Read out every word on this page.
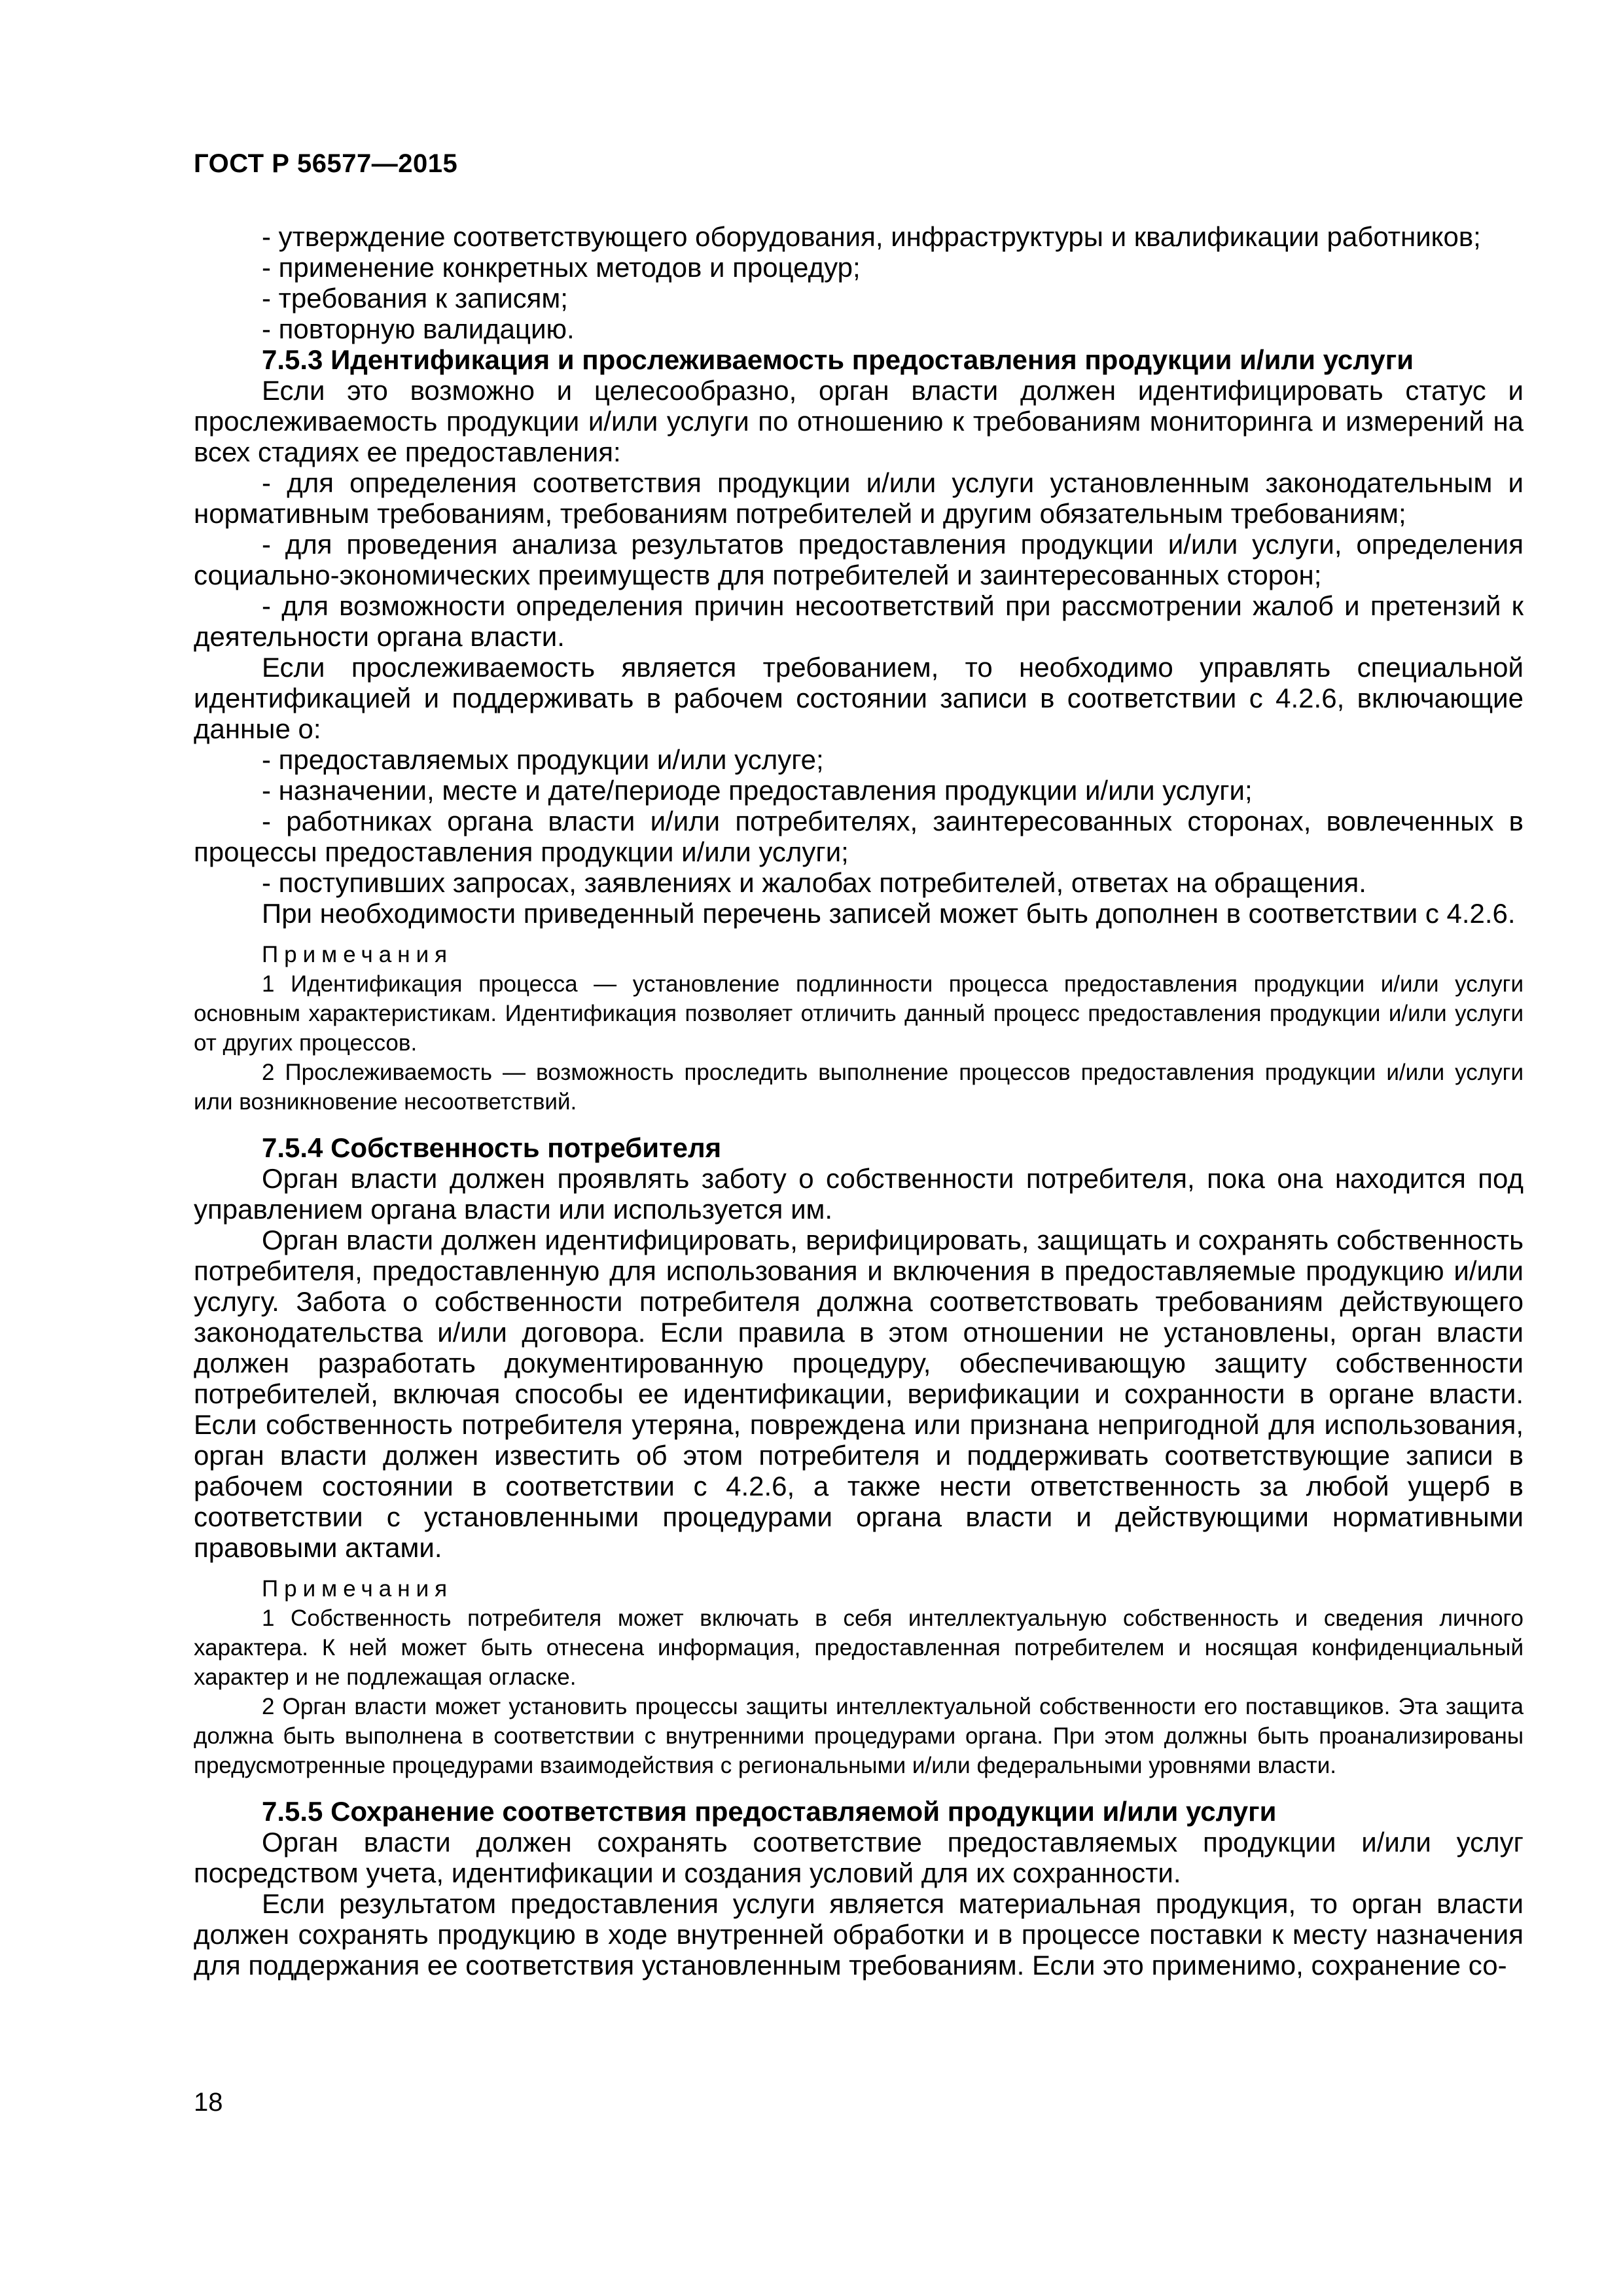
ГОСТ Р 56577—2015

- утверждение соответствующего оборудования, инфраструктуры и квалификации работников;

- применение конкретных методов и процедур;

- требования к записям;

- повторную валидацию.

7.5.3 Идентификация и прослеживаемость предоставления продукции и/или услуги

Если это возможно и целесообразно, орган власти должен идентифицировать статус и прослеживаемость продукции и/или услуги по отношению к требованиям мониторинга и измерений на всех стадиях ее предоставления:

- для определения соответствия продукции и/или услуги установленным законодательным и нормативным требованиям, требованиям потребителей и другим обязательным требованиям;

- для проведения анализа результатов предоставления продукции и/или услуги, определения социально-экономических преимуществ для потребителей и заинтересованных сторон;

- для возможности определения причин несоответствий при рассмотрении жалоб и претензий к деятельности органа власти.

Если прослеживаемость является требованием, то необходимо управлять специальной идентификацией и поддерживать в рабочем состоянии записи в соответствии с 4.2.6, включающие данные о:

- предоставляемых продукции и/или услуге;

- назначении, месте и дате/периоде предоставления продукции и/или услуги;

- работниках органа власти и/или потребителях, заинтересованных сторонах, вовлеченных в процессы предоставления продукции и/или услуги;

- поступивших запросах, заявлениях и жалобах потребителей, ответах на обращения.

При необходимости приведенный перечень записей может быть дополнен в соответствии с 4.2.6.

Примечания

1 Идентификация процесса — установление подлинности процесса предоставления продукции и/или услуги основным характеристикам. Идентификация позволяет отличить данный процесс предоставления продукции и/или услуги от других процессов.

2 Прослеживаемость — возможность проследить выполнение процессов предоставления продукции и/или услуги или возникновение несоответствий.

7.5.4 Собственность потребителя

Орган власти должен проявлять заботу о собственности потребителя, пока она находится под управлением органа власти или используется им.

Орган власти должен идентифицировать, верифицировать, защищать и сохранять собственность потребителя, предоставленную для использования и включения в предоставляемые продукцию и/или услугу. Забота о собственности потребителя должна соответствовать требованиям действующего законодательства и/или договора. Если правила в этом отношении не установлены, орган власти должен разработать документированную процедуру, обеспечивающую защиту собственности потребителей, включая способы ее идентификации, верификации и сохранности в органе власти. Если собственность потребителя утеряна, повреждена или признана непригодной для использования, орган власти должен известить об этом потребителя и поддерживать соответствующие записи в рабочем состоянии в соответствии с 4.2.6, а также нести ответственность за любой ущерб в соответствии с установленными процедурами органа власти и действующими нормативными правовыми актами.

Примечания

1 Собственность потребителя может включать в себя интеллектуальную собственность и сведения личного характера. К ней может быть отнесена информация, предоставленная потребителем и носящая конфиденциальный характер и не подлежащая огласке.

2 Орган власти может установить процессы защиты интеллектуальной собственности его поставщиков. Эта защита должна быть выполнена в соответствии с внутренними процедурами органа. При этом должны быть проанализированы предусмотренные процедурами взаимодействия с региональными и/или федеральными уровнями власти.

7.5.5 Сохранение соответствия предоставляемой продукции и/или услуги

Орган власти должен сохранять соответствие предоставляемых продукции и/или услуг посредством учета, идентификации и создания условий для их сохранности.

Если результатом предоставления услуги является материальная продукция, то орган власти должен сохранять продукцию в ходе внутренней обработки и в процессе поставки к месту назначения для поддержания ее соответствия установленным требованиям. Если это применимо, сохранение со-

18
